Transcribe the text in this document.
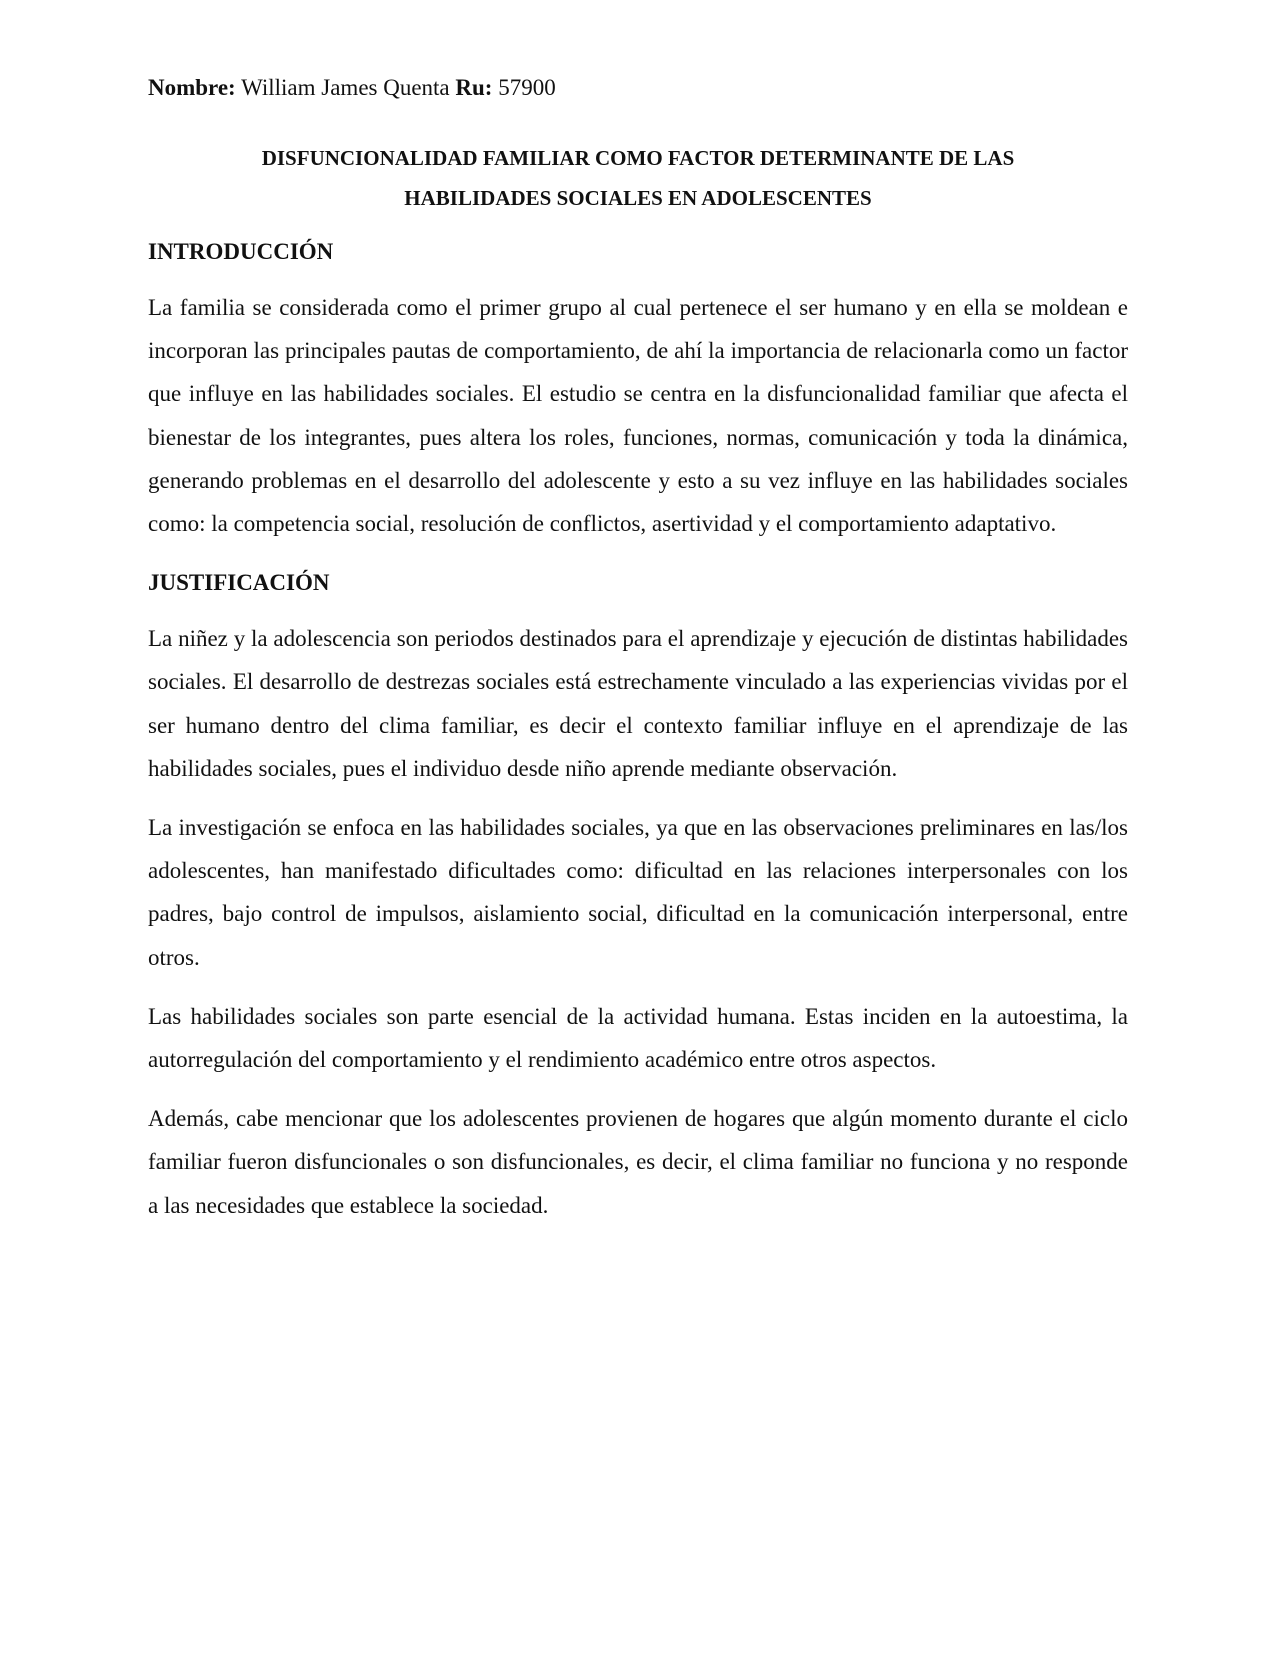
Nombre: William James Quenta Ru: 57900

DISFUNCIONALIDAD FAMILIAR COMO FACTOR DETERMINANTE DE LAS
HABILIDADES SOCIALES EN ADOLESCENTES
INTRODUCCIÓN

La familia se considerada como el primer grupo al cual pertenece el ser humano y en ella se moldean e incorporan las principales pautas de comportamiento, de ahí la importancia de relacionarla como un factor que influye en las habilidades sociales. El estudio se centra en la disfuncionalidad familiar que afecta el bienestar de los integrantes, pues altera los roles, funciones, normas, comunicación y toda la dinámica, generando problemas en el desarrollo del adolescente y esto a su vez influye en las habilidades sociales como: la competencia social, resolución de conflictos, asertividad y el comportamiento adaptativo.

JUSTIFICACIÓN

La niñez y la adolescencia son periodos destinados para el aprendizaje y ejecución de distintas habilidades sociales. El desarrollo de destrezas sociales está estrechamente vinculado a las experiencias vividas por el ser humano dentro del clima familiar, es decir el contexto familiar influye en el aprendizaje de las habilidades sociales, pues el individuo desde niño aprende mediante observación.

La investigación se enfoca en las habilidades sociales, ya que en las observaciones preliminares en las/los adolescentes, han manifestado dificultades como: dificultad en las relaciones interpersonales con los padres, bajo control de impulsos, aislamiento social, dificultad en la comunicación interpersonal, entre otros.

Las habilidades sociales son parte esencial de la actividad humana. Estas inciden en la autoestima, la autorregulación del comportamiento y el rendimiento académico entre otros aspectos.

Además, cabe mencionar que los adolescentes provienen de hogares que algún momento durante el ciclo familiar fueron disfuncionales o son disfuncionales, es decir, el clima familiar no funciona y no responde a las necesidades que establece la sociedad.
